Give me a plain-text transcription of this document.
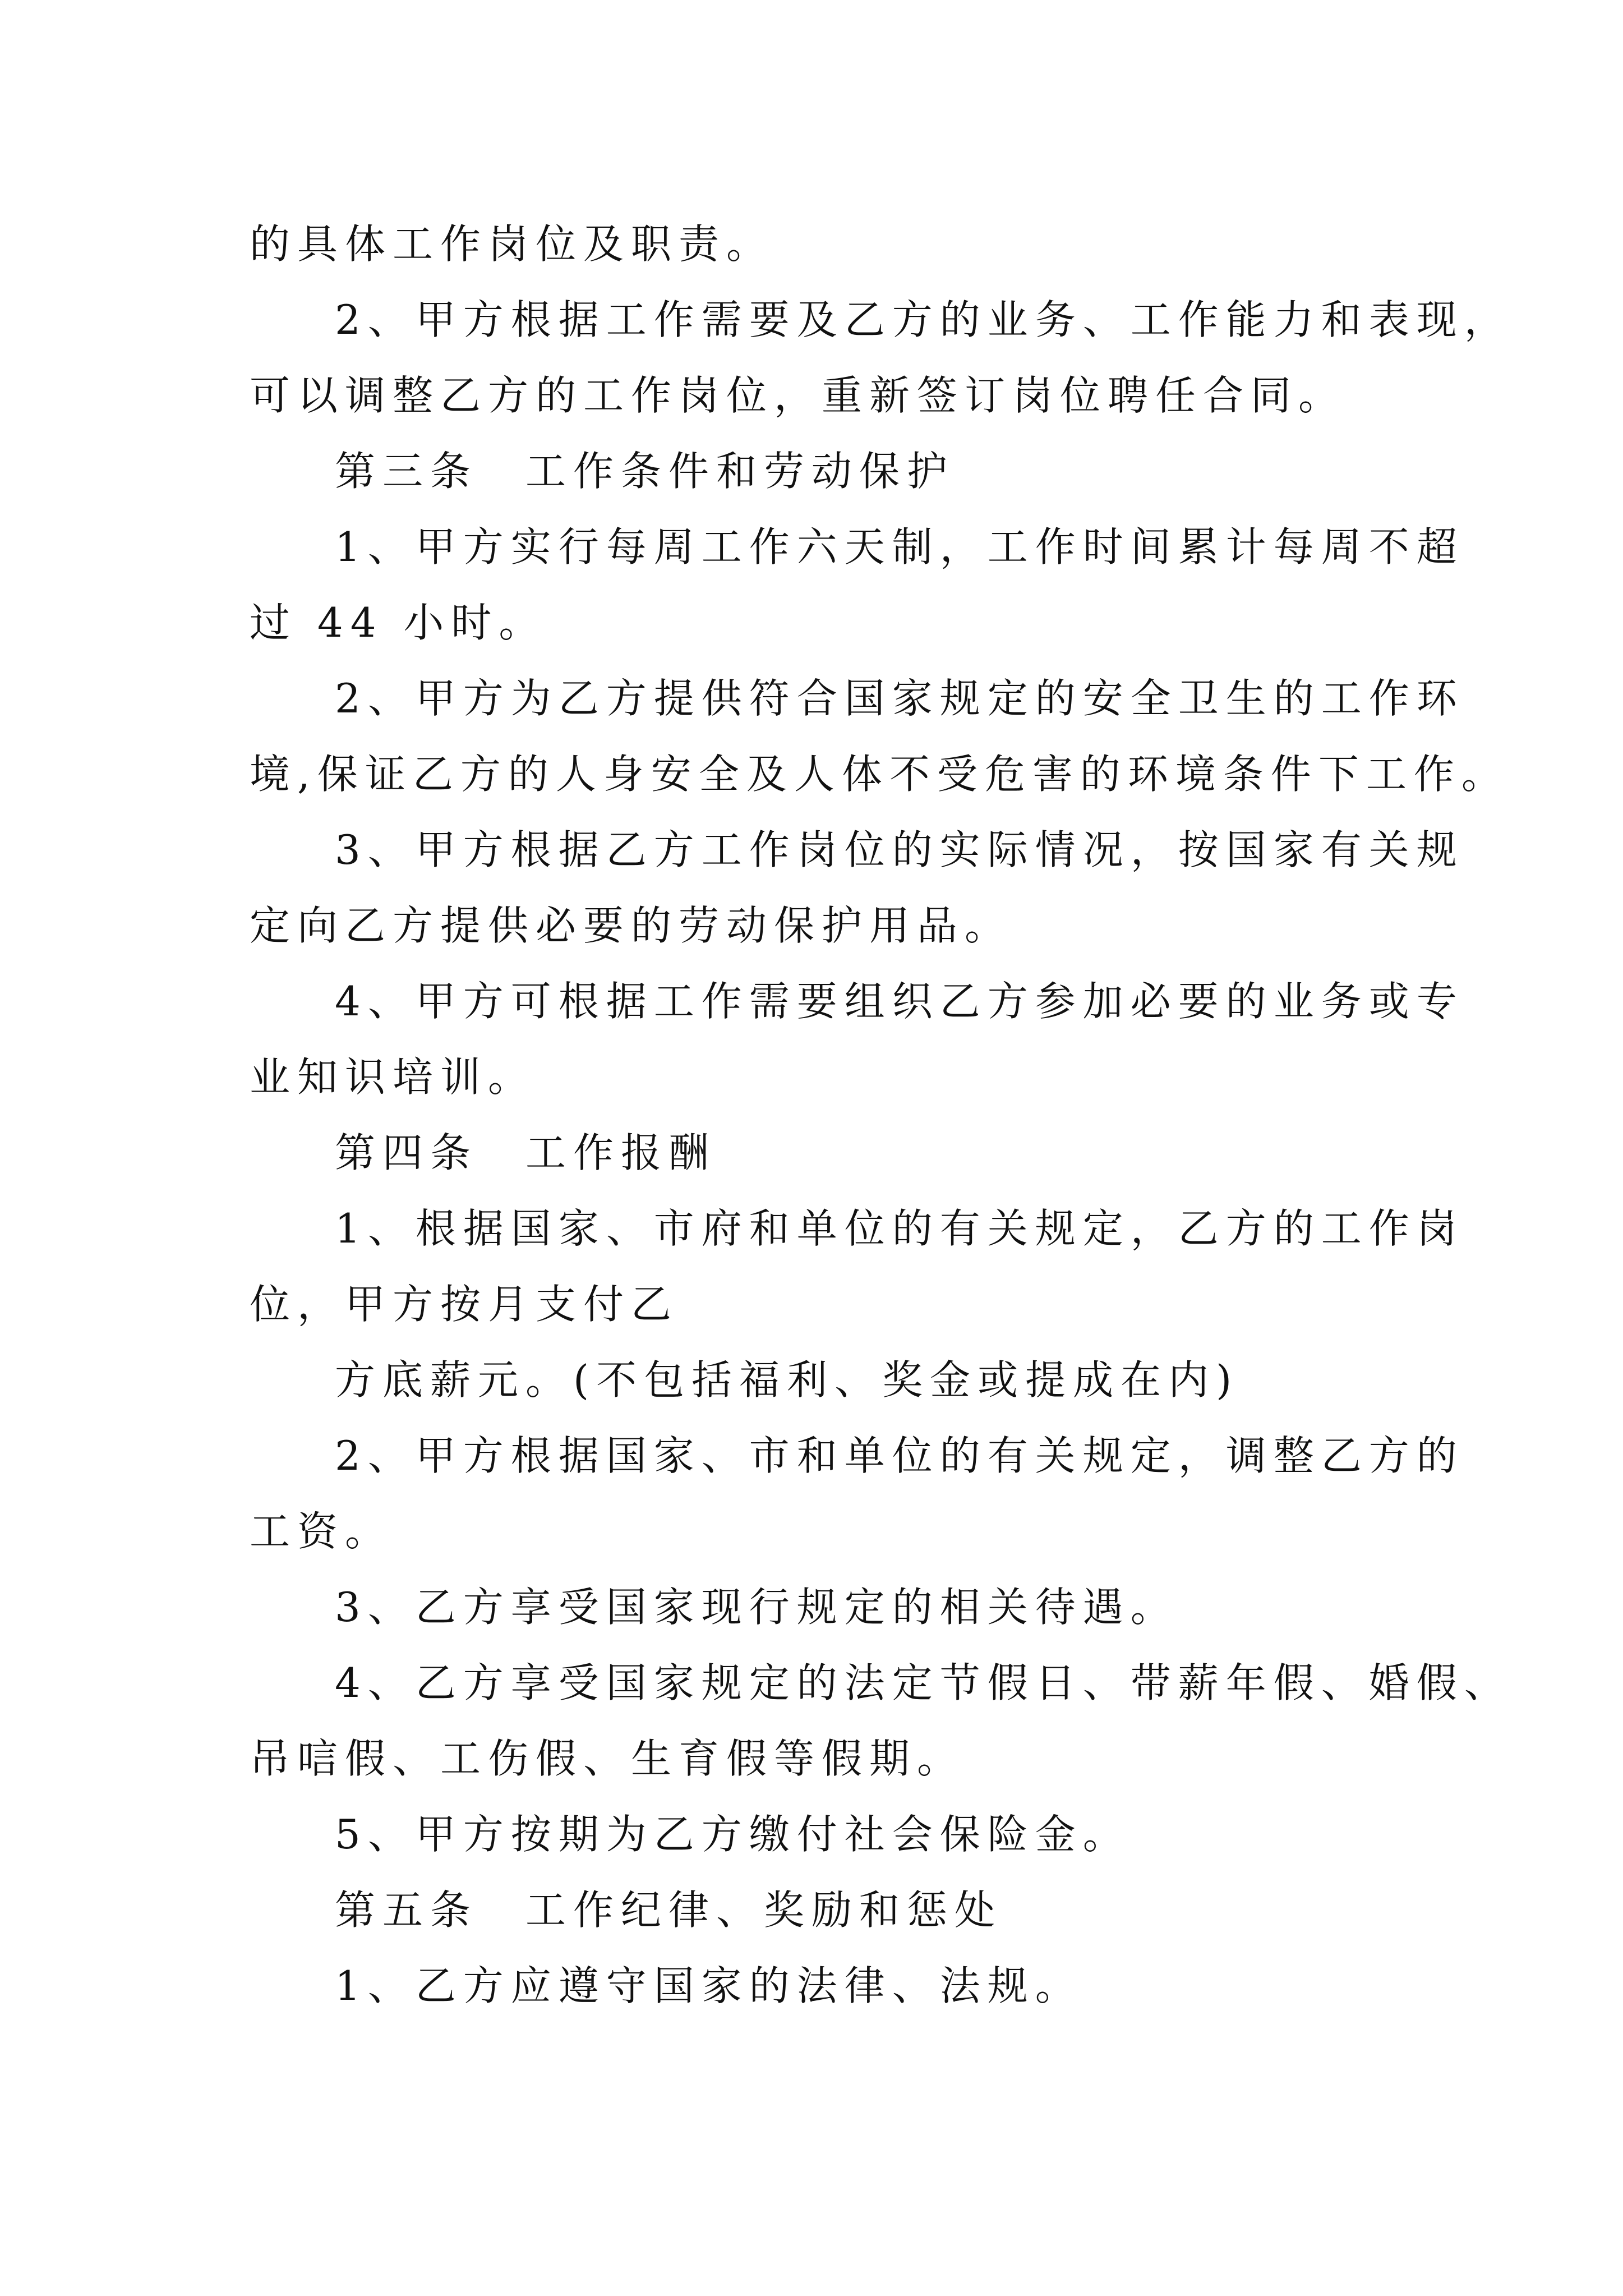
的具体工作岗位及职责。
2、甲方根据工作需要及乙方的业务、工作能力和表现，
可以调整乙方的工作岗位，重新签订岗位聘任合同。
第三条　工作条件和劳动保护
1、甲方实行每周工作六天制，工作时间累计每周不超
过 44 小时。
2、甲方为乙方提供符合国家规定的安全卫生的工作环
境,保证乙方的人身安全及人体不受危害的环境条件下工作。
3、甲方根据乙方工作岗位的实际情况，按国家有关规
定向乙方提供必要的劳动保护用品。
4、甲方可根据工作需要组织乙方参加必要的业务或专
业知识培训。
第四条　工作报酬
1、根据国家、市府和单位的有关规定，乙方的工作岗
位，甲方按月支付乙
方底薪元。(不包括福利、奖金或提成在内)
2、甲方根据国家、市和单位的有关规定，调整乙方的
工资。
3、乙方享受国家现行规定的相关待遇。
4、乙方享受国家规定的法定节假日、带薪年假、婚假、
吊唁假、工伤假、生育假等假期。
5、甲方按期为乙方缴付社会保险金。
第五条　工作纪律、奖励和惩处
1、乙方应遵守国家的法律、法规。
